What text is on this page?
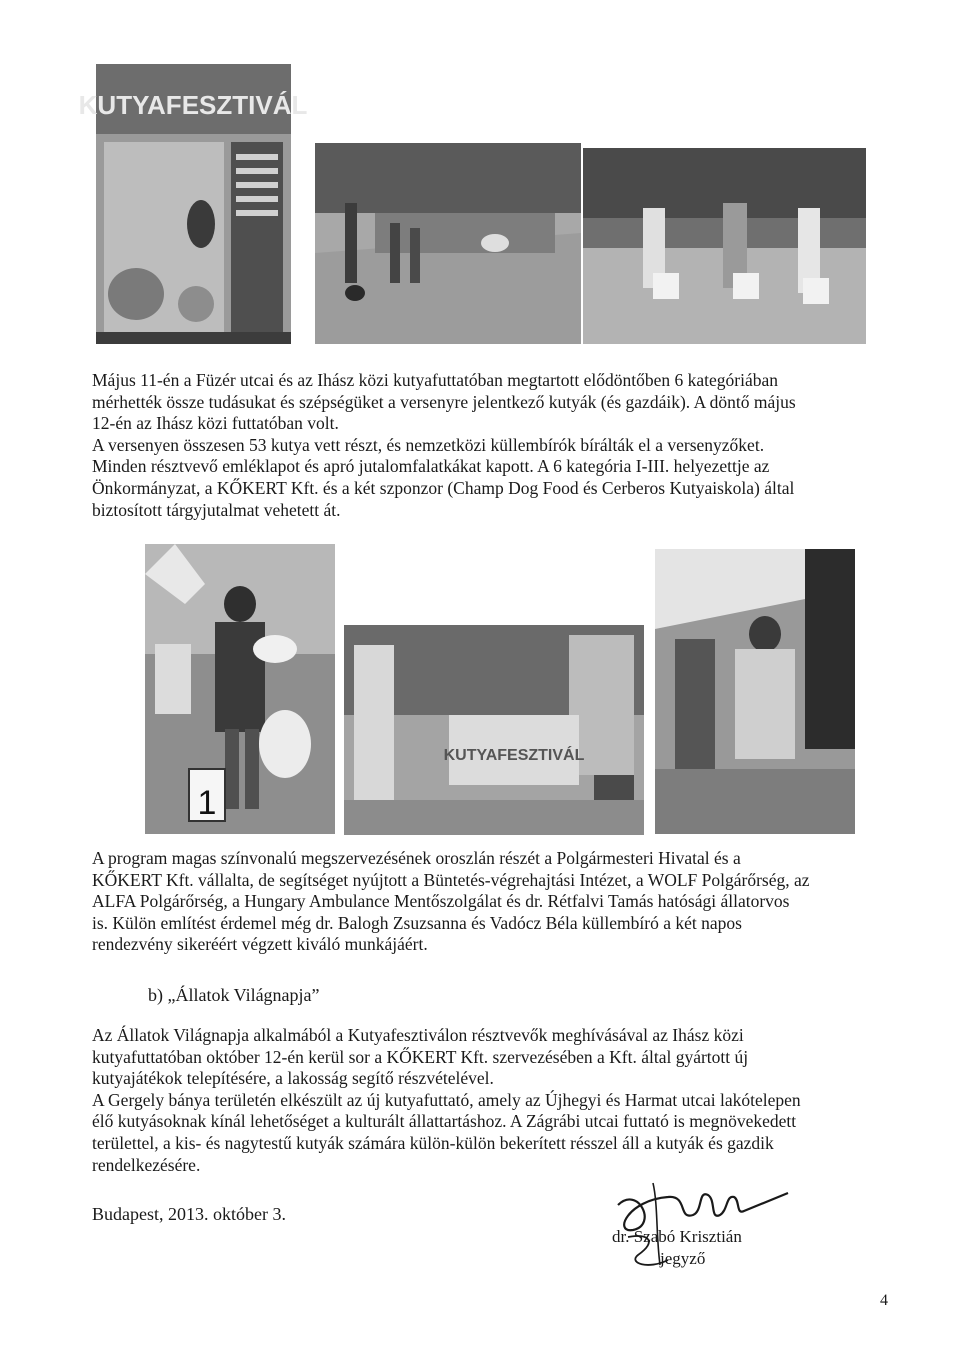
KUTYAFESZTIVÁL
Május 11-én a Füzér utcai és az Ihász közi kutyafuttatóban megtartott elődöntőben 6 kategóriában
mérhették össze tudásukat és szépségüket a versenyre jelentkező kutyák (és gazdáik). A döntő május
12-én az Ihász közi futtatóban volt.
A versenyen összesen 53 kutya vett részt, és nemzetközi küllembírók bírálták el a versenyzőket.
Minden résztvevő emléklapot és apró jutalomfalatkákat kapott. A 6 kategória I-III. helyezettje az
Önkormányzat, a KŐKERT Kft. és a két szponzor (Champ Dog Food és Cerberos Kutyaiskola) által
biztosított tárgyjutalmat vehetett át.
1
KUTYAFESZTIVÁL
A program magas színvonalú megszervezésének oroszlán részét a Polgármesteri Hivatal és a
KŐKERT Kft. vállalta, de segítséget nyújtott a Büntetés-végrehajtási Intézet, a WOLF Polgárőrség, az
ALFA Polgárőrség, a Hungary Ambulance Mentőszolgálat és dr. Rétfalvi Tamás hatósági állatorvos
is. Külön említést érdemel még dr. Balogh Zsuzsanna és Vadócz Béla küllembíró a két napos
rendezvény sikeréért végzett kiváló munkájáért.

b) „Állatok Világnapja”

Az Állatok Világnapja alkalmából a Kutyafesztiválon résztvevők meghívásával az Ihász közi
kutyafuttatóban október 12-én kerül sor a KŐKERT Kft. szervezésében a Kft. által gyártott új
kutyajátékok telepítésére, a lakosság segítő részvételével.
A Gergely bánya területén elkészült az új kutyafuttató, amely az Újhegyi és Harmat utcai lakótelepen
élő kutyásoknak kínál lehetőséget a kulturált állattartáshoz. A Zágrábi utcai futtató is megnövekedett
területtel, a kis- és nagytestű kutyák számára külön-külön bekerített résszel áll a kutyák és gazdik
rendelkezésére.

Budapest, 2013. október 3.

dr. Szabó Krisztián
jegyző
4
